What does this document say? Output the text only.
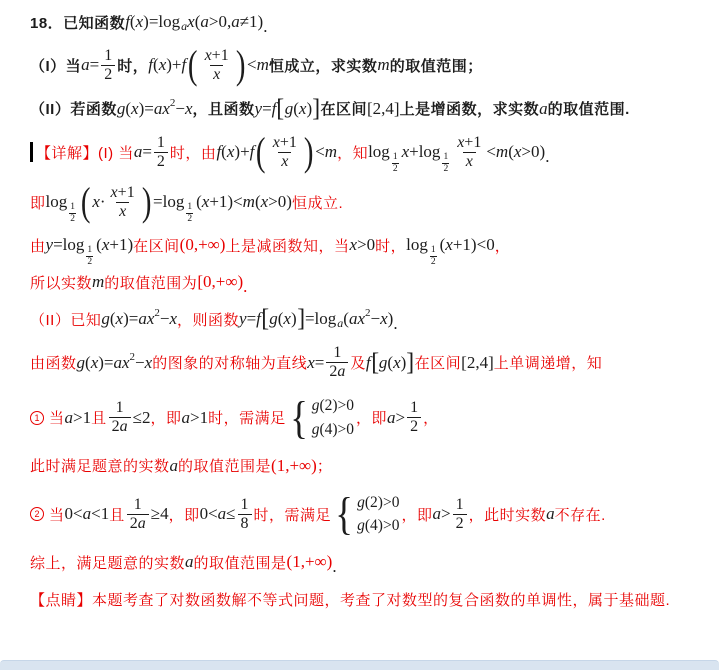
18．已知函数 f(x)= log a x(a>0,a≠1) .
（I）当 $a= \frac{1}{2}$ 时， f(x)+f ( $\frac{x+1}{x}$ ) <m 恒成立，求实数 m 的取值范围；
（II）若函数 g(x)=ax 2 −x ，且函数 y=f [ g(x) ] 在区间 [2,4] 上是增函数，求实数 a 的取值范围.
【详解】(I) 当 $a= \frac{1}{2}$ 时，由 f(x)+f ( $\frac{x+1}{x}$ ) <m ，知 log
$\frac{1}{2}$
x+ log
$\frac{1}{2} \frac{x+1}{x} <m(x>0)$ .
即 log
$\frac{1}{2}$ ( $x\cdot \frac{x+1}{x}$ ) = log
$\frac{1}{2}$
(x+1)<m(x>0) 恒成立.
由 y= log
$\frac{1}{2}$
(x+1) 在区间 (0,+∞) 上是减函数知，当 x>0 时， log
$\frac{1}{2}$
(x+1)<0 ，
所以实数 m 的取值范围为 [0,+∞) .
（II）已知 g(x)=ax 2 −x ，则函数 y=f [ g(x) ] = log a (ax 2 −x) .
由函数 g(x)=ax 2 −x 的图象的对称轴为直线 $x= \frac{1}{2a}$ 及 f [ g(x) ] 在区间 [2,4] 上单调递增，知
1 当 a>1 且 $\frac{1}{2a} \le 2$ ，即 a>1 时，需满足 { g(2)>0
g(4)>0
，即 $a> \frac{1}{2}$ ，
此时满足题意的实数 a 的取值范围是 (1,+∞) ；
2 当 0<a<1 且 $\frac{1}{2a} \ge 4$ ，即 $0<a\le \frac{1}{8}$ 时，需满足 { g(2)>0
g(4)>0
，即 $a> \frac{1}{2}$ ，此时实数 a 不存在.
综上，满足题意的实数 a 的取值范围是 (1,+∞) .
【点睛】本题考查了对数函数解不等式问题，考查了对数型的复合函数的单调性，属于基础题.
